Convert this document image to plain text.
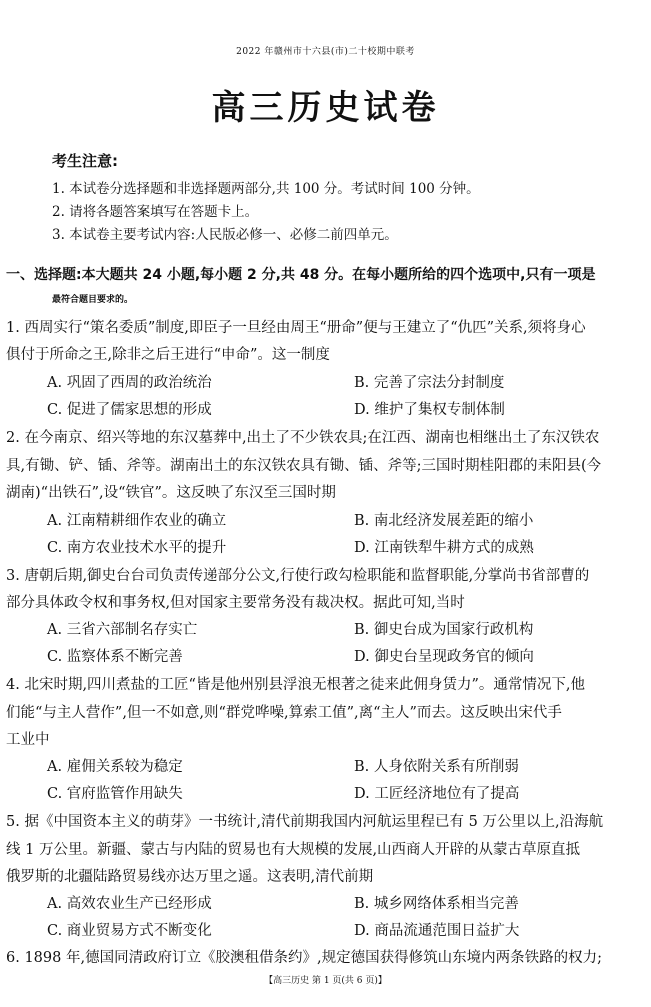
2022 年赣州市十六县(市)二十校期中联考
高三历史试卷
考生注意:
1. 本试卷分选择题和非选择题两部分,共 100 分。考试时间 100 分钟。
2. 请将各题答案填写在答题卡上。
3. 本试卷主要考试内容:人民版必修一、必修二前四单元。
一、选择题:本大题共 24 小题,每小题 2 分,共 48 分。在每小题所给的四个选项中,只有一项是
最符合题目要求的。
1. 西周实行“策名委质”制度,即臣子一旦经由周王“册命”便与王建立了“仇匹”关系,须将身心
俱付于所命之王,除非之后王进行“申命”。这一制度
A. 巩固了西周的政治统治	B. 完善了宗法分封制度
C. 促进了儒家思想的形成	D. 维护了集权专制体制
2. 在今南京、绍兴等地的东汉墓葬中,出土了不少铁农具;在江西、湖南也相继出土了东汉铁农
具,有锄、铲、锸、斧等。湖南出土的东汉铁农具有锄、锸、斧等;三国时期桂阳郡的耒阳县(今
湖南)“出铁石”,设“铁官”。这反映了东汉至三国时期
A. 江南精耕细作农业的确立	B. 南北经济发展差距的缩小
C. 南方农业技术水平的提升	D. 江南铁犁牛耕方式的成熟
3. 唐朝后期,御史台台司负责传递部分公文,行使行政勾检职能和监督职能,分掌尚书省部曹的
部分具体政令权和事务权,但对国家主要常务没有裁决权。据此可知,当时
A. 三省六部制名存实亡	B. 御史台成为国家行政机构
C. 监察体系不断完善	D. 御史台呈现政务官的倾向
4. 北宋时期,四川煮盐的工匠“皆是他州别县浮浪无根著之徒来此佣身赁力”。通常情况下,他
们能“与主人营作”,但一不如意,则“群党哗噪,算索工值”,离“主人”而去。这反映出宋代手
工业中
A. 雇佣关系较为稳定	B. 人身依附关系有所削弱
C. 官府监管作用缺失	D. 工匠经济地位有了提高
5. 据《中国资本主义的萌芽》一书统计,清代前期我国内河航运里程已有 5 万公里以上,沿海航
线 1 万公里。新疆、蒙古与内陆的贸易也有大规模的发展,山西商人开辟的从蒙古草原直抵
俄罗斯的北疆陆路贸易线亦达万里之遥。这表明,清代前期
A. 高效农业生产已经形成	B. 城乡网络体系相当完善
C. 商业贸易方式不断变化	D. 商品流通范围日益扩大
6. 1898 年,德国同清政府订立《胶澳租借条约》,规定德国获得修筑山东境内两条铁路的权力;
【高三历史 第 1 页(共 6 页)】
